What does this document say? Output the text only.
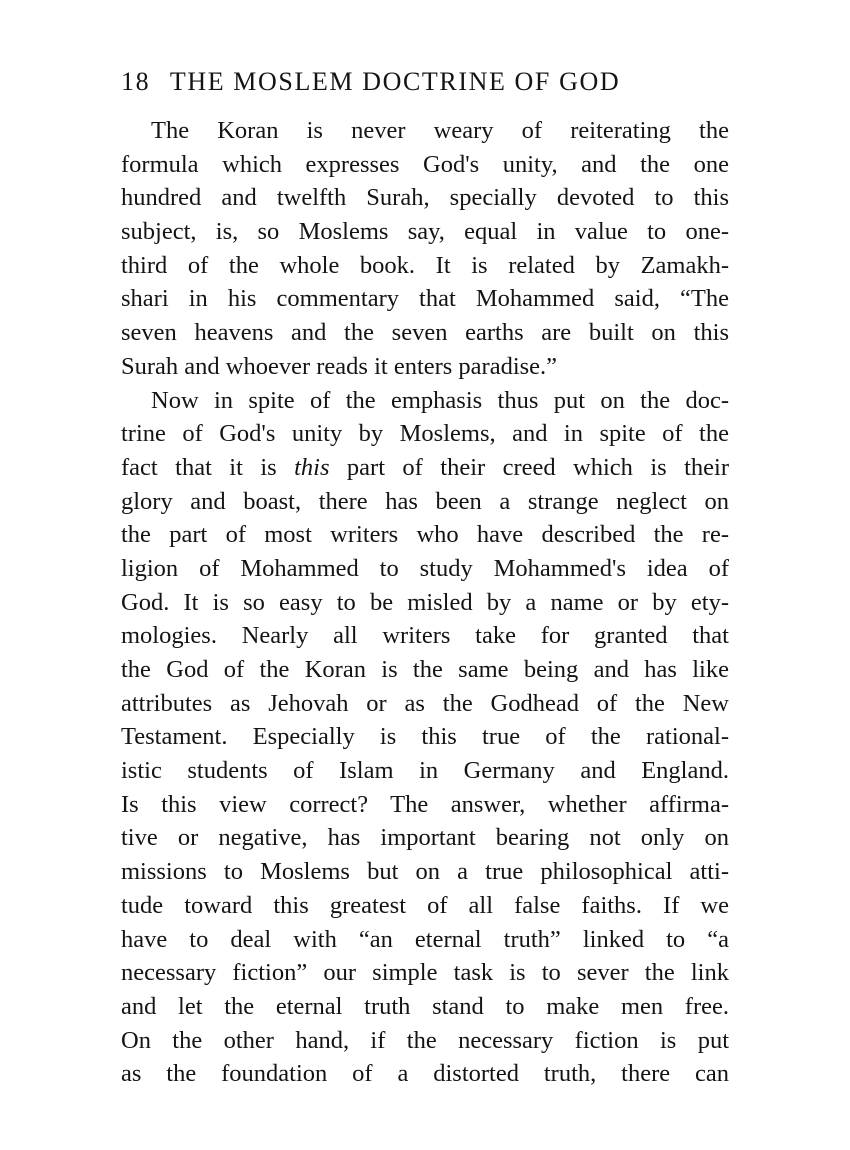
18 THE MOSLEM DOCTRINE OF GOD
The Koran is never weary of reiterating the
formula which expresses God's unity, and the one
hundred and twelfth Surah, specially devoted to this
subject, is, so Moslems say, equal in value to one-
third of the whole book. It is related by Zamakh-
shari in his commentary that Mohammed said, “The
seven heavens and the seven earths are built on this
Surah and whoever reads it enters paradise.”
Now in spite of the emphasis thus put on the doc-
trine of God's unity by Moslems, and in spite of the
fact that it is this part of their creed which is their
glory and boast, there has been a strange neglect on
the part of most writers who have described the re-
ligion of Mohammed to study Mohammed's idea of
God. It is so easy to be misled by a name or by ety-
mologies. Nearly all writers take for granted that
the God of the Koran is the same being and has like
attributes as Jehovah or as the Godhead of the New
Testament. Especially is this true of the rational-
istic students of Islam in Germany and England.
Is this view correct? The answer, whether affirma-
tive or negative, has important bearing not only on
missions to Moslems but on a true philosophical atti-
tude toward this greatest of all false faiths. If we
have to deal with “an eternal truth” linked to “a
necessary fiction” our simple task is to sever the link
and let the eternal truth stand to make men free.
On the other hand, if the necessary fiction is put
as the foundation of a distorted truth, there can
